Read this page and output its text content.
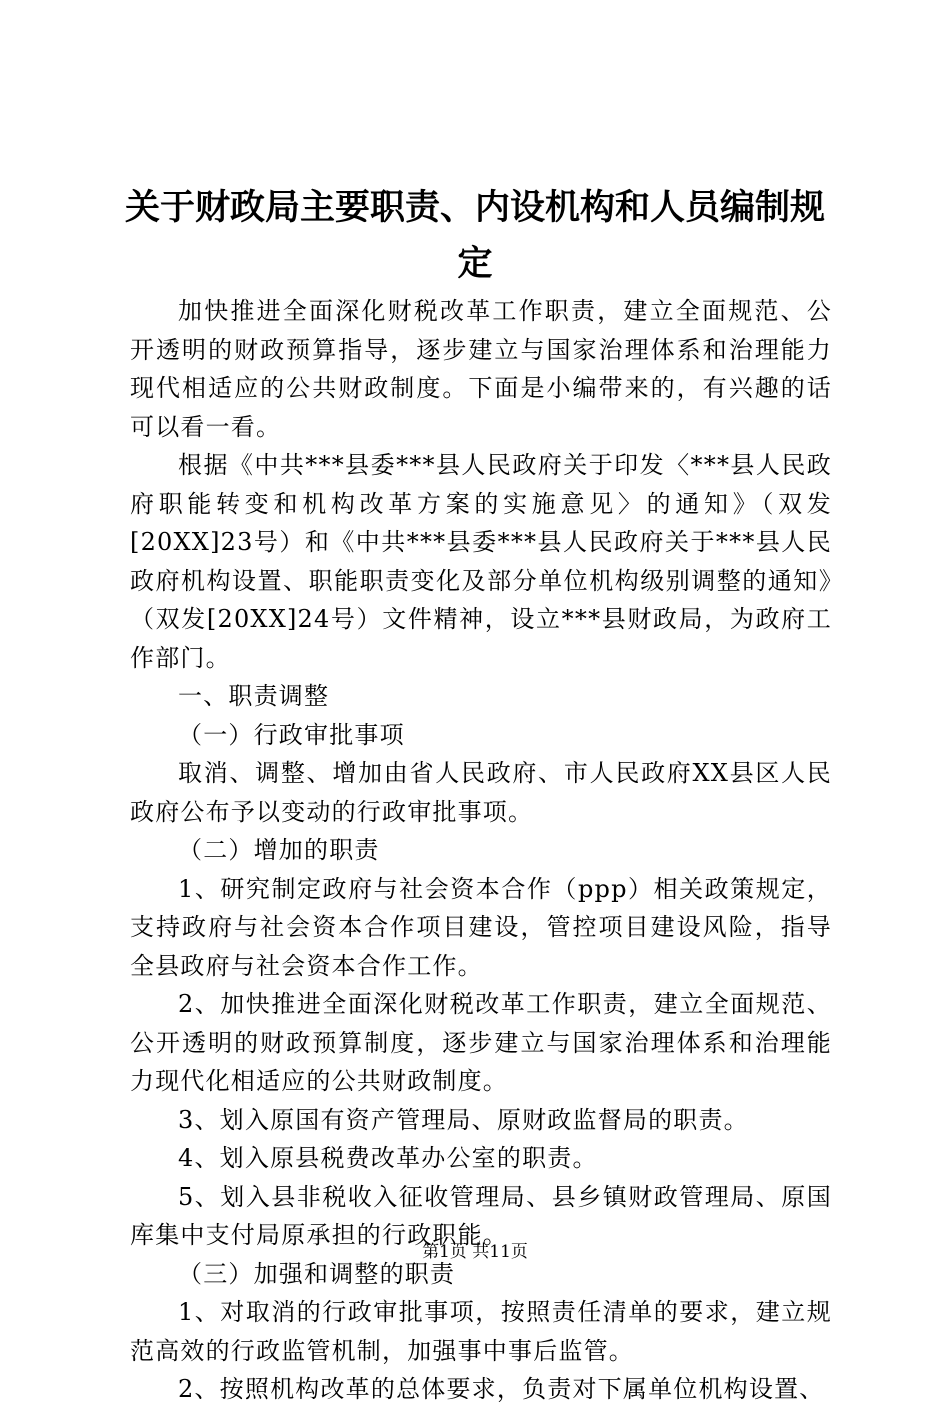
关于财政局主要职责、内设机构和人员编制规定

加快推进全面深化财税改革工作职责，建立全面规范、公开透明的财政预算指导，逐步建立与国家治理体系和治理能力现代相适应的公共财政制度。下面是小编带来的，有兴趣的话可以看一看。

根据《中共***县委***县人民政府关于印发〈***县人民政府职能转变和机构改革方案的实施意见〉的通知》（双发[20XX]23号）和《中共***县委***县人民政府关于***县人民政府机构设置、职能职责变化及部分单位机构级别调整的通知》（双发[20XX]24号）文件精神，设立***县财政局，为政府工作部门。

一、职责调整

（一）行政审批事项

取消、调整、增加由省人民政府、市人民政府XX县区人民政府公布予以变动的行政审批事项。

（二）增加的职责

1、研究制定政府与社会资本合作（ppp）相关政策规定，支持政府与社会资本合作项目建设，管控项目建设风险，指导全县政府与社会资本合作工作。

2、加快推进全面深化财税改革工作职责，建立全面规范、公开透明的财政预算制度，逐步建立与国家治理体系和治理能力现代化相适应的公共财政制度。

3、划入原国有资产管理局、原财政监督局的职责。

4、划入原县税费改革办公室的职责。

5、划入县非税收入征收管理局、县乡镇财政管理局、原国库集中支付局原承担的行政职能。

（三）加强和调整的职责

1、对取消的行政审批事项，按照责任清单的要求，建立规范高效的行政监管机制，加强事中事后监管。

2、按照机构改革的总体要求，负责对下属单位机构设置、

第1页 共11页
